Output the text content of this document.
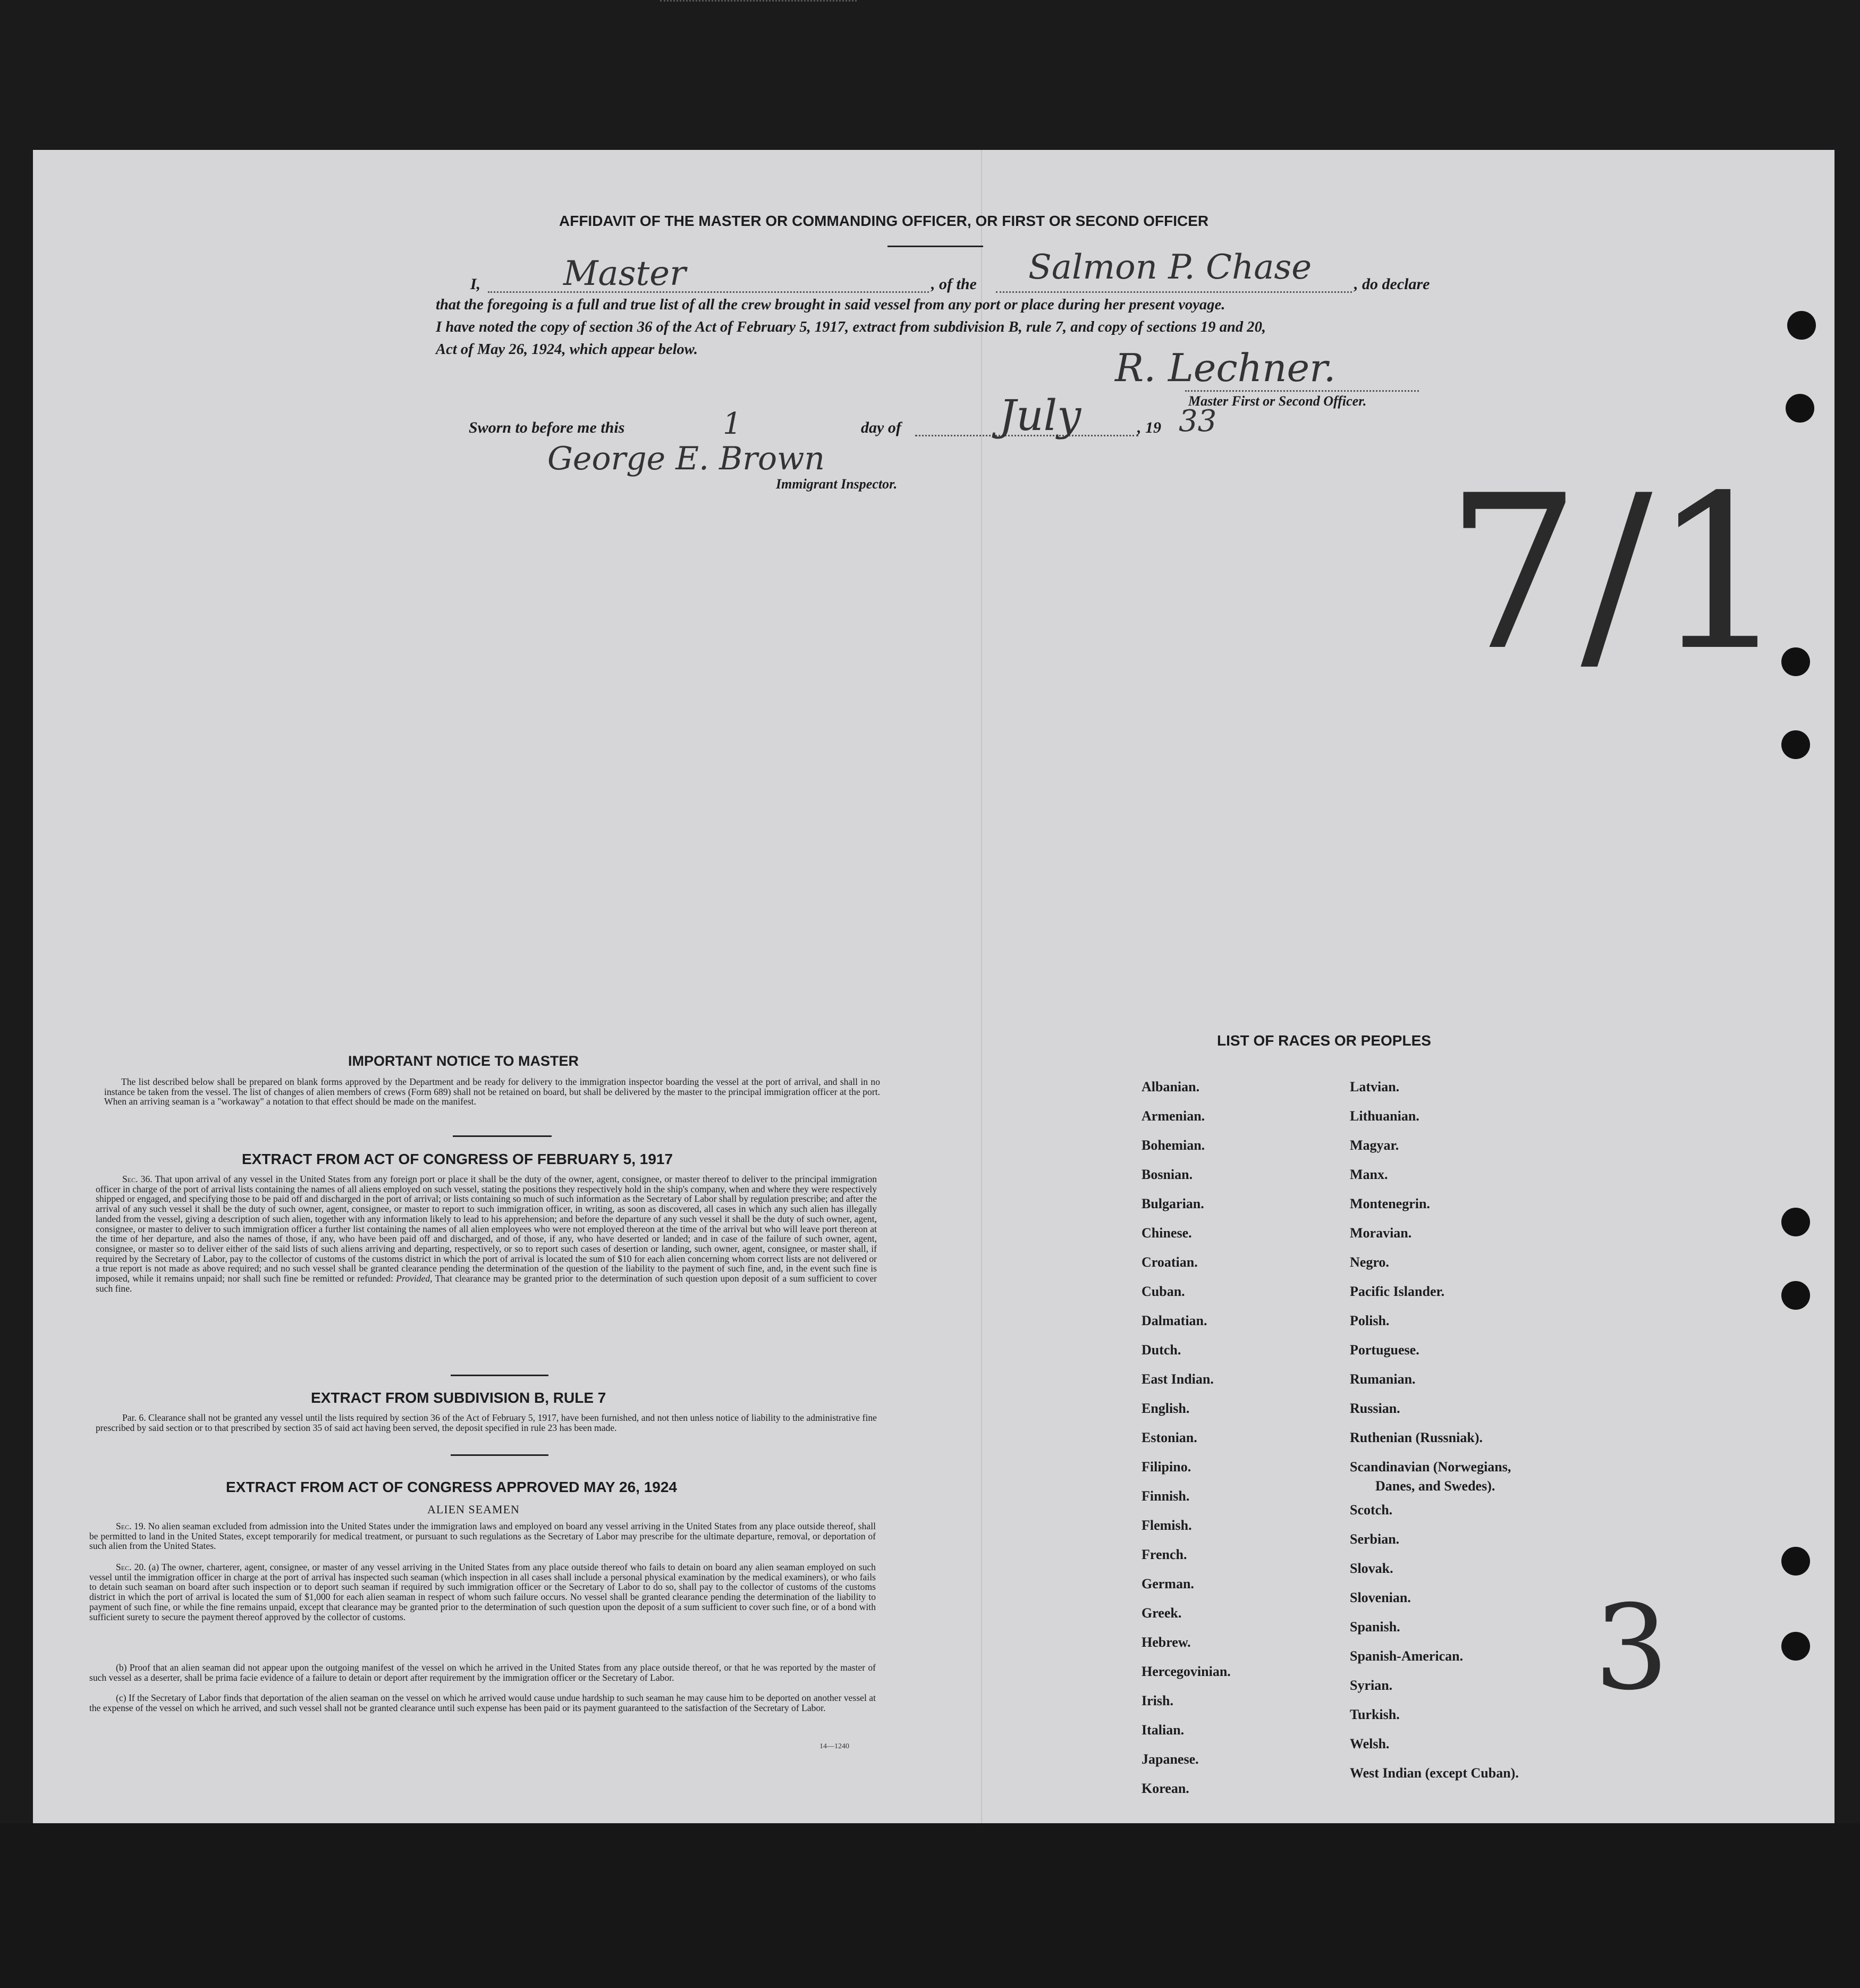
AFFIDAVIT OF THE MASTER OR COMMANDING OFFICER, OR FIRST OR SECOND OFFICER
I, Master	, of the Salmon P. Chase	, do declare
that the foregoing is a full and true list of all the crew brought in said vessel from any port or place during her present voyage.
I have noted the copy of section 36 of the Act of February 5, 1917, extract from subdivision B, rule 7, and copy of sections 19 and 20,
Act of May 26, 1924, which appear below.	R. Lechner.
Master First or Second Officer.
Sworn to before me this	1	day of July	, 19 33
George E. Brown
Immigrant Inspector.	7/1
3
IMPORTANT NOTICE TO MASTER

The list described below shall be prepared on blank forms approved by the Department and be ready for delivery to the immigration inspector boarding the vessel at the port of arrival, and shall in no instance be taken from the vessel. The list of changes of alien members of crews (Form 689) shall not be retained on board, but shall be delivered by the master to the principal immigration officer at the port. When an arriving seaman is a "workaway" a notation to that effect should be made on the manifest.

EXTRACT FROM ACT OF CONGRESS OF FEBRUARY 5, 1917

Sec. 36. That upon arrival of any vessel in the United States from any foreign port or place it shall be the duty of the owner, agent, consignee, or master thereof to deliver to the principal immigration officer in charge of the port of arrival lists containing the names of all aliens employed on such vessel, stating the positions they respectively hold in the ship's company, when and where they were respectively shipped or engaged, and specifying those to be paid off and discharged in the port of arrival; or lists containing so much of such information as the Secretary of Labor shall by regulation prescribe; and after the arrival of any such vessel it shall be the duty of such owner, agent, consignee, or master to report to such immigration officer, in writing, as soon as discovered, all cases in which any such alien has illegally landed from the vessel, giving a description of such alien, together with any information likely to lead to his apprehension; and before the departure of any such vessel it shall be the duty of such owner, agent, consignee, or master to deliver to such immigration officer a further list containing the names of all alien employees who were not employed thereon at the time of the arrival but who will leave port thereon at the time of her departure, and also the names of those, if any, who have been paid off and discharged, and of those, if any, who have deserted or landed; and in case of the failure of such owner, agent, consignee, or master so to deliver either of the said lists of such aliens arriving and departing, respectively, or so to report such cases of desertion or landing, such owner, agent, consignee, or master shall, if required by the Secretary of Labor, pay to the collector of customs of the customs district in which the port of arrival is located the sum of $10 for each alien concerning whom correct lists are not delivered or a true report is not made as above required; and no such vessel shall be granted clearance pending the determination of the question of the liability to the payment of such fine, and, in the event such fine is imposed, while it remains unpaid; nor shall such fine be remitted or refunded: Provided, That clearance may be granted prior to the determination of such question upon deposit of a sum sufficient to cover such fine.

EXTRACT FROM SUBDIVISION B, RULE 7

Par. 6. Clearance shall not be granted any vessel until the lists required by section 36 of the Act of February 5, 1917, have been furnished, and not then unless notice of liability to the administrative fine prescribed by said section or to that prescribed by section 35 of said act having been served, the deposit specified in rule 23 has been made.

EXTRACT FROM ACT OF CONGRESS APPROVED MAY 26, 1924
ALIEN SEAMEN

Sec. 19. No alien seaman excluded from admission into the United States under the immigration laws and employed on board any vessel arriving in the United States from any place outside thereof, shall be permitted to land in the United States, except temporarily for medical treatment, or pursuant to such regulations as the Secretary of Labor may prescribe for the ultimate departure, removal, or deportation of such alien from the United States.

Sec. 20. (a) The owner, charterer, agent, consignee, or master of any vessel arriving in the United States from any place outside thereof who fails to detain on board any alien seaman employed on such vessel until the immigration officer in charge at the port of arrival has inspected such seaman (which inspection in all cases shall include a personal physical examination by the medical examiners), or who fails to detain such seaman on board after such inspection or to deport such seaman if required by such immigration officer or the Secretary of Labor to do so, shall pay to the collector of customs of the customs district in which the port of arrival is located the sum of $1,000 for each alien seaman in respect of whom such failure occurs. No vessel shall be granted clearance pending the determination of the liability to payment of such fine, or while the fine remains unpaid, except that clearance may be granted prior to the determination of such question upon the deposit of a sum sufficient to cover such fine, or of a bond with sufficient surety to secure the payment thereof approved by the collector of customs.

(b) Proof that an alien seaman did not appear upon the outgoing manifest of the vessel on which he arrived in the United States from any place outside thereof, or that he was reported by the master of such vessel as a deserter, shall be prima facie evidence of a failure to detain or deport after requirement by the immigration officer or the Secretary of Labor.

(c) If the Secretary of Labor finds that deportation of the alien seaman on the vessel on which he arrived would cause undue hardship to such seaman he may cause him to be deported on another vessel at the expense of the vessel on which he arrived, and such vessel shall not be granted clearance until such expense has been paid or its payment guaranteed to the satisfaction of the Secretary of Labor.

14—1240
LIST OF RACES OR PEOPLES
Albanian.
Armenian.
Bohemian.
Bosnian.
Bulgarian.
Chinese.
Croatian.
Cuban.
Dalmatian.
Dutch.
East Indian.
English.
Estonian.
Filipino.
Finnish.
Flemish.
French.
German.
Greek.
Hebrew.
Hercegovinian.
Irish.
Italian.
Japanese.
Korean.
Latvian.
Lithuanian.
Magyar.
Manx.
Montenegrin.
Moravian.
Negro.
Pacific Islander.
Polish.
Portuguese.
Rumanian.
Russian.
Ruthenian (Russniak).
Scandinavian (Norwegians,
Danes, and Swedes).
Scotch.
Serbian.
Slovak.
Slovenian.
Spanish.
Spanish-American.
Syrian.
Turkish.
Welsh.
West Indian (except Cuban).
